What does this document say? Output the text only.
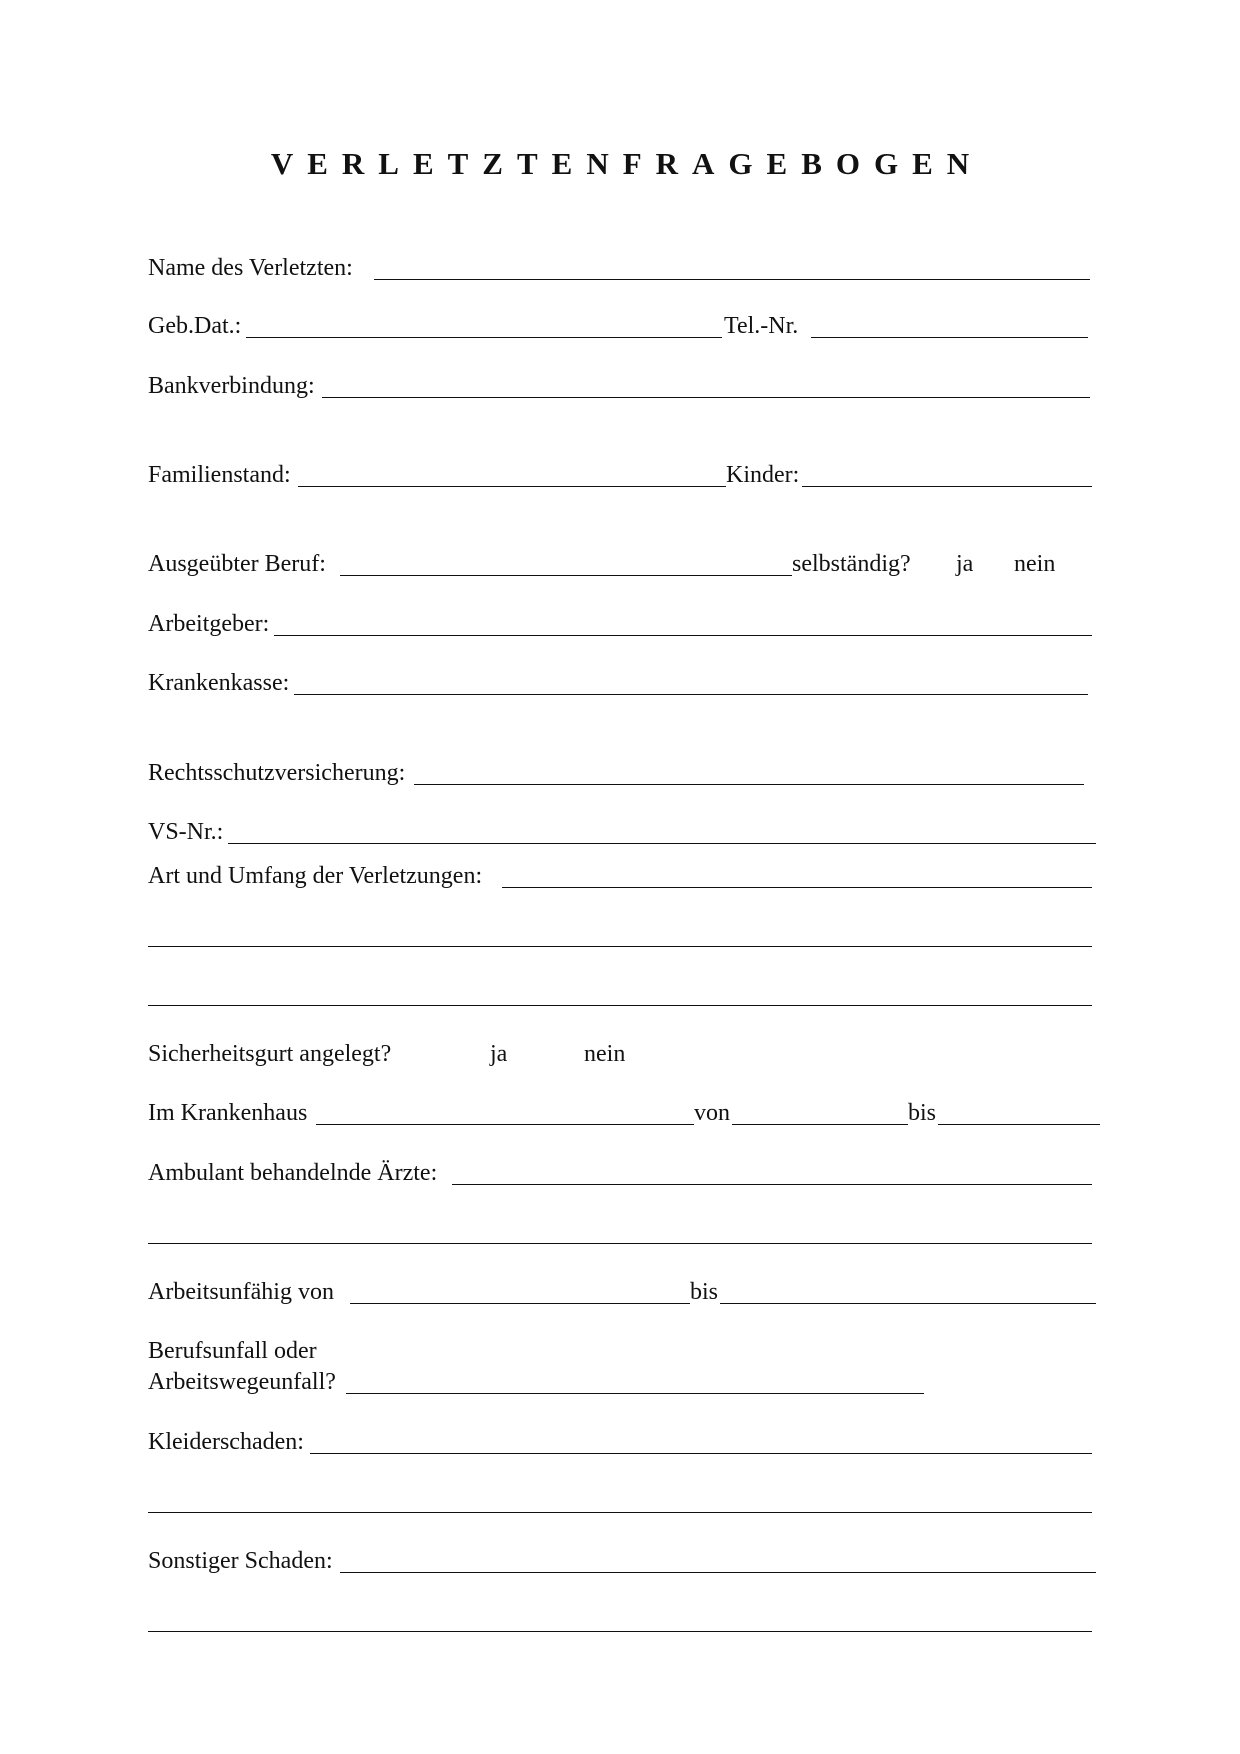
VERLETZTENFRAGEBOGEN
Name des Verletzten:
Geb.Dat.:	Tel.-Nr.
Bankverbindung:
Familienstand:	Kinder:
Ausgeübter Beruf:	selbständig? ja nein
Arbeitgeber:
Krankenkasse:
Rechtsschutzversicherung:
VS-Nr.:
Art und Umfang der Verletzungen:
Sicherheitsgurt angelegt?	ja	nein
Im Krankenhaus	von	bis
Ambulant behandelnde Ärzte:
Arbeitsunfähig von	bis
Berufsunfall oder
Arbeitswegeunfall?
Kleiderschaden:
Sonstiger Schaden:
